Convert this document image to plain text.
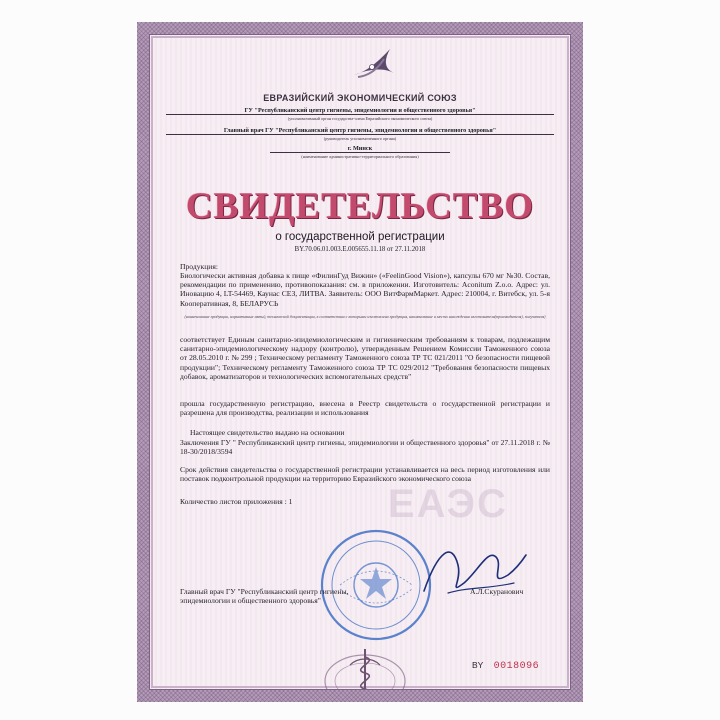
ЕВРАЗИЙСКИЙ ЭКОНОМИЧЕСКИЙ СОЮЗ
ГУ "Республиканский центр гигиены, эпидемиологии и общественного здоровья"
(уполномоченный орган государства-члена Евразийского экономического союза)
Главный врач ГУ "Республиканский центр гигиены, эпидемиологии и общественного здоровья"
(руководитель уполномоченного органа)
г. Минск
(наименование административно-территориального образования)
СВИДЕТЕЛЬСТВО
о государственной регистрации
BY.70.06.01.003.Е.005655.11.18 от 27.11.2018
Продукция:
Биологически активная добавка к пище «ФилинГуд Вижин» («FeelinGood Vision»), капсулы 670 мг №30. Состав, рекомендации по применению, противопоказания: см. в приложении. Изготовитель: Aconitum Z.o.o. Адрес: ул. Иновацию 4, LT-54469, Каунас СЕЗ, ЛИТВА. Заявитель: ООО ВитФармМаркет. Адрес: 210004, г. Витебск, ул. 5-я Кооперативная, 8, БЕЛАРУСЬ
(наименование продукции, нормативные акты), технической документации, в соответствии с которыми изготовлена продукция, наименование и место нахождения изготовителя(производителя), получателя)
соответствует Единым санитарно-эпидемиологическим и гигиеническим требованиям к товарам, подлежащим санитарно-эпидемиологическому надзору (контролю), утвержденным Решением Комиссии Таможенного союза от 28.05.2010 г. № 299 ; Техническому регламенту Таможенного союза ТР ТС 021/2011 "О безопасности пищевой продукции"; Техническому регламенту Таможенного союза ТР ТС 029/2012 "Требования безопасности пищевых добавок, ароматизаторов и технологических вспомогательных средств"
прошла государственную регистрацию, внесена в Реестр свидетельств о государственной регистрации и разрешена для производства, реализации и использования
Настоящее свидетельство выдано на основании
Заключения ГУ " Республиканский центр гигиены, эпидемиологии и общественного здоровья" от 27.11.2018 г. № 18-30/2018/3594
Срок действия свидетельства о государственной регистрации устанавливается на весь период изготовления или поставок подконтрольной продукции на территорию Евразийского экономического союза
Количество листов приложения : 1	ЕАЭС
Главный врач ГУ "Республиканский центр гигиены, эпидемиологии и общественного здоровья"
А.Л.Скуранович
BY 0018096
